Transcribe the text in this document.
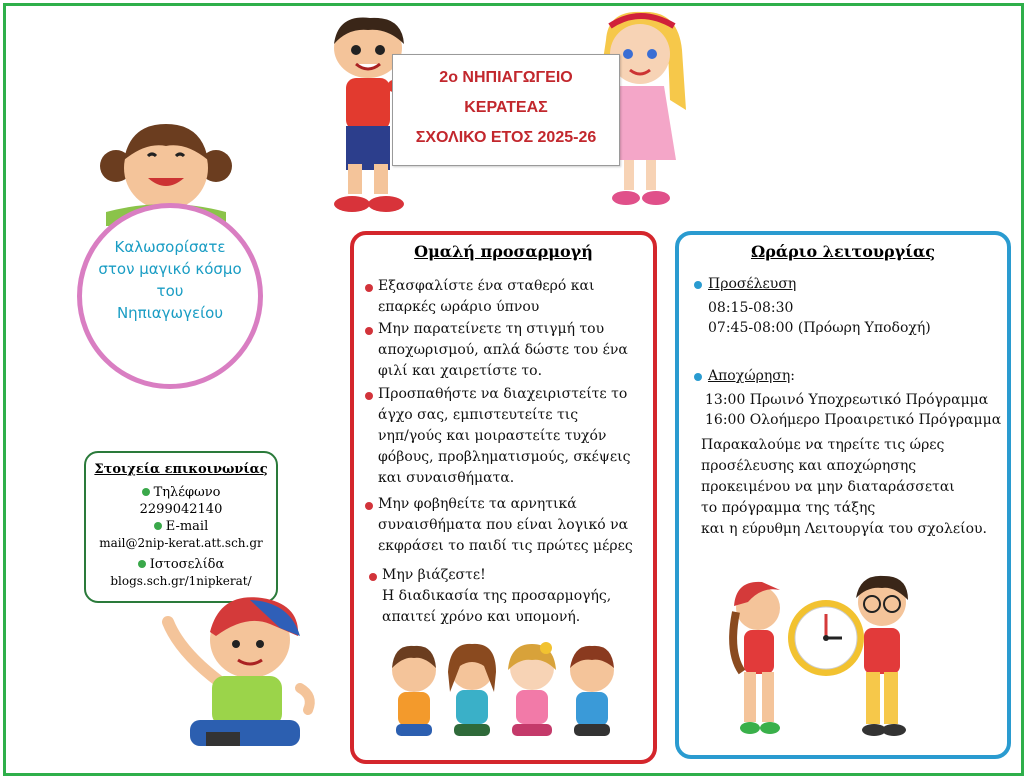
2ο ΝΗΠΙΑΓΩΓΕΙΟ
ΚΕΡΑΤΕΑΣ
ΣΧΟΛΙΚΟ ΕΤΟΣ 2025-26
Καλωσορίσατε
στον μαγικό κόσμο
του
Νηπιαγωγείου
Στοιχεία επικοινωνίας
Τηλέφωνο
2299042140
E-mail
mail@2nip-kerat.att.sch.gr
Ιστοσελίδα
blogs.sch.gr/1nipkerat/
Ομαλή προσαρμογή
Εξασφαλίστε ένα σταθερό και
επαρκές ωράριο ύπνου
Μην παρατείνετε τη στιγμή του
αποχωρισμού, απλά δώστε του ένα
φιλί και χαιρετίστε το.
Προσπαθήστε να διαχειριστείτε το
άγχο σας, εμπιστευτείτε τις
νηπ/γούς και μοιραστείτε τυχόν
φόβους, προβληματισμούς, σκέψεις
και συναισθήματα.
Μην φοβηθείτε τα αρνητικά
συναισθήματα που είναι λογικό να
εκφράσει το παιδί τις πρώτες μέρες
Μην βιάζεστε!
Η διαδικασία της προσαρμογής,
απαιτεί χρόνο και υπομονή.
Ωράριο λειτουργίας
Προσέλευση
08:15-08:30
07:45-08:00 (Πρόωρη Υποδοχή)
Αποχώρηση:
13:00 Πρωινό Υποχρεωτικό Πρόγραμμα
16:00 Ολοήμερο Προαιρετικό Πρόγραμμα
Παρακαλούμε να τηρείτε τις ώρες
προσέλευσης και αποχώρησης
προκειμένου να μην διαταράσσεται
το πρόγραμμα της τάξης
και η εύρυθμη Λειτουργία του σχολείου.
